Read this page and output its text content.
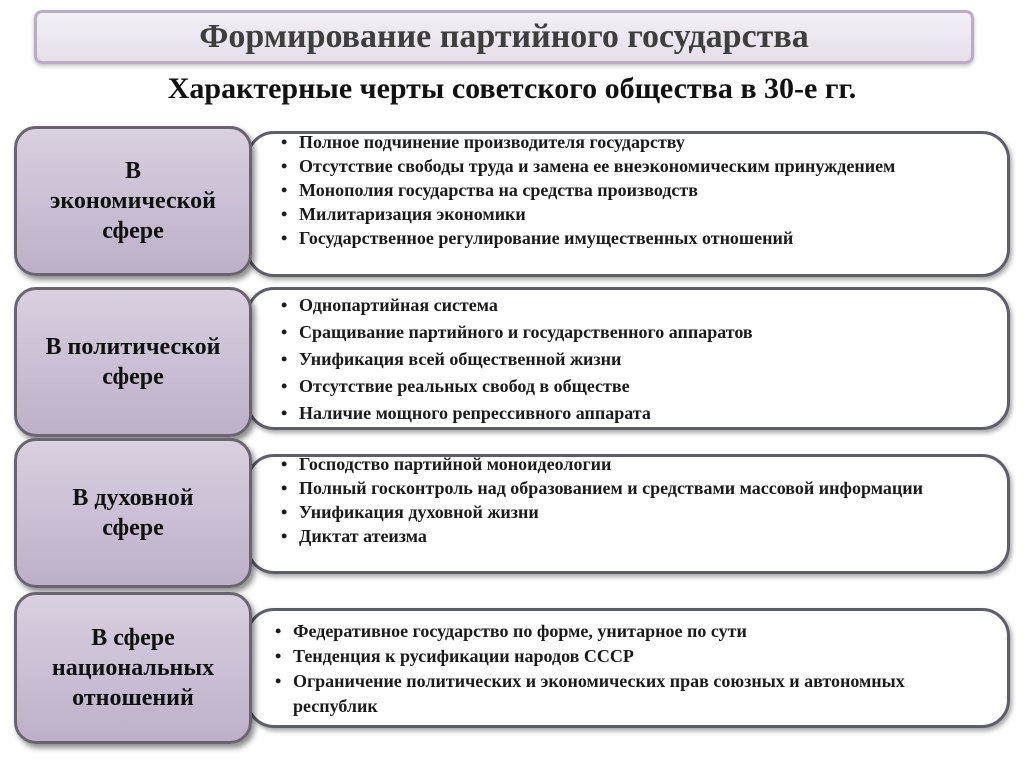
Формирование партийного государства
Характерные черты советского общества в 30-е гг.
• Полное подчинение производителя государству
• Отсутствие свободы труда и замена ее внеэкономическим принуждением
• Монополия государства на средства производств
• Милитаризация экономики
• Государственное регулирование имущественных отношений
В
экономической
сфере
• Однопартийная система
• Сращивание партийного и государственного аппаратов
• Унификация всей общественной жизни
• Отсутствие реальных свобод в обществе
• Наличие мощного репрессивного аппарата
В политической
сфере
• Господство партийной моноидеологии
• Полный госконтроль над образованием и средствами массовой информации
• Унификация духовной жизни
• Диктат атеизма
В духовной
сфере
• Федеративное государство по форме, унитарное по сути
• Тенденция к русификации народов СССР
• Ограничение политических и экономических прав союзных и автономных республик
В сфере
национальных
отношений
